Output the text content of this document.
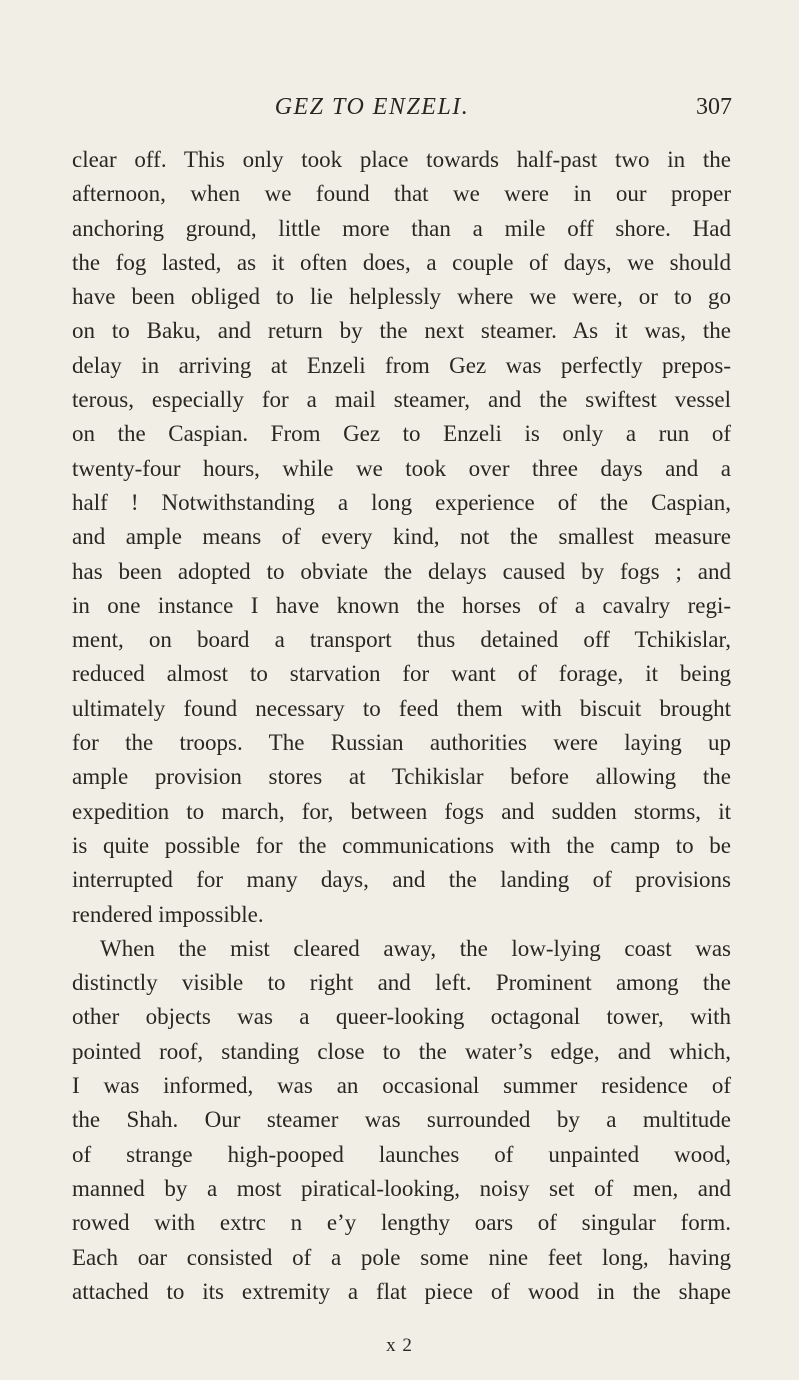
GEZ TO ENZELI.	307
clear off. This only took place towards half-past two in the
afternoon, when we found that we were in our proper
anchoring ground, little more than a mile off shore. Had
the fog lasted, as it often does, a couple of days, we should
have been obliged to lie helplessly where we were, or to go
on to Baku, and return by the next steamer. As it was, the
delay in arriving at Enzeli from Gez was perfectly prepos-
terous, especially for a mail steamer, and the swiftest vessel
on the Caspian. From Gez to Enzeli is only a run of
twenty-four hours, while we took over three days and a
half ! Notwithstanding a long experience of the Caspian,
and ample means of every kind, not the smallest measure
has been adopted to obviate the delays caused by fogs ; and
in one instance I have known the horses of a cavalry regi-
ment, on board a transport thus detained off Tchikislar,
reduced almost to starvation for want of forage, it being
ultimately found necessary to feed them with biscuit brought
for the troops. The Russian authorities were laying up
ample provision stores at Tchikislar before allowing the
expedition to march, for, between fogs and sudden storms, it
is quite possible for the communications with the camp to be
interrupted for many days, and the landing of provisions
rendered impossible.
When the mist cleared away, the low-lying coast was
distinctly visible to right and left. Prominent among the
other objects was a queer-looking octagonal tower, with
pointed roof, standing close to the water’s edge, and which,
I was informed, was an occasional summer residence of
the Shah. Our steamer was surrounded by a multitude
of strange high-pooped launches of unpainted wood,
manned by a most piratical-looking, noisy set of men, and
rowed with extrc n e’y lengthy oars of singular form.
Each oar consisted of a pole some nine feet long, having
attached to its extremity a flat piece of wood in the shape
x 2
